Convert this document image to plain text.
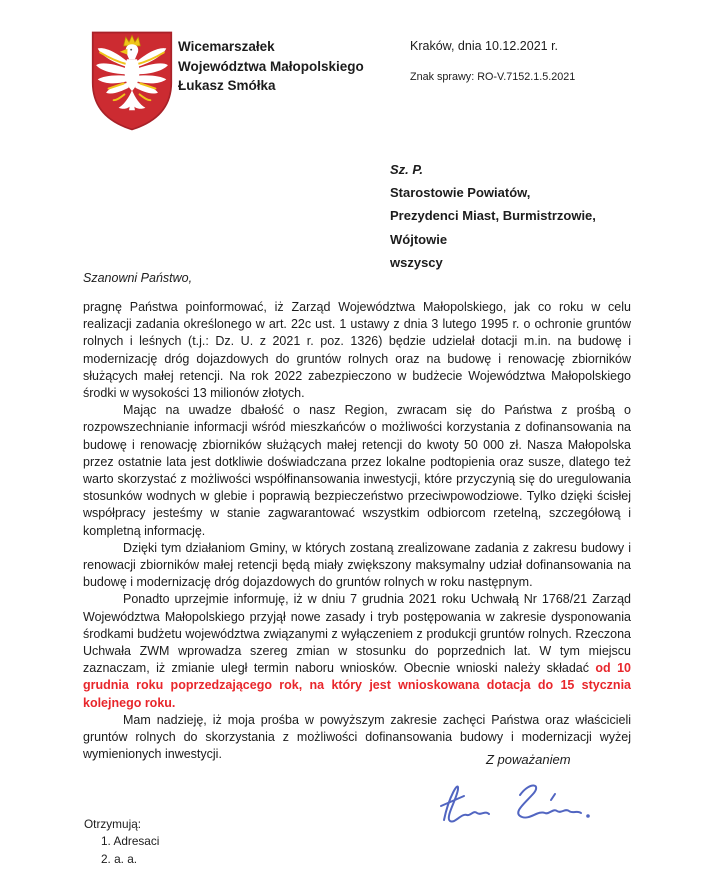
Wicemarszałek
Województwa Małopolskiego
Łukasz Smółka
Kraków, dnia 10.12.2021 r.
Znak sprawy: RO-V.7152.1.5.2021
Sz. P.
Starostowie Powiatów,
Prezydenci Miast, Burmistrzowie,
Wójtowie
wszyscy
Szanowni Państwo,

pragnę Państwa poinformować, iż Zarząd Województwa Małopolskiego, jak co roku w celu realizacji zadania określonego w art. 22c ust. 1 ustawy z dnia 3 lutego 1995 r. o ochronie gruntów rolnych i leśnych (t.j.: Dz. U. z 2021 r. poz. 1326) będzie udzielał dotacji m.in. na budowę i modernizację dróg dojazdowych do gruntów rolnych oraz na budowę i renowację zbiorników służących małej retencji. Na rok 2022 zabezpieczono w budżecie Województwa Małopolskiego środki w wysokości 13 milionów złotych.

Mając na uwadze dbałość o nasz Region, zwracam się do Państwa z prośbą o rozpowszechnianie informacji wśród mieszkańców o możliwości korzystania z dofinansowania na budowę i renowację zbiorników służących małej retencji do kwoty 50 000 zł. Nasza Małopolska przez ostatnie lata jest dotkliwie doświadczana przez lokalne podtopienia oraz susze, dlatego też warto skorzystać z możliwości współfinansowania inwestycji, które przyczynią się do uregulowania stosunków wodnych w glebie i poprawią bezpieczeństwo przeciwpowodziowe. Tylko dzięki ścisłej współpracy jesteśmy w stanie zagwarantować wszystkim odbiorcom rzetelną, szczegółową i kompletną informację.

Dzięki tym działaniom Gminy, w których zostaną zrealizowane zadania z zakresu budowy i renowacji zbiorników małej retencji będą miały zwiększony maksymalny udział dofinansowania na budowę i modernizację dróg dojazdowych do gruntów rolnych w roku następnym.

Ponadto uprzejmie informuję, iż w dniu 7 grudnia 2021 roku Uchwałą Nr 1768/21 Zarząd Województwa Małopolskiego przyjął nowe zasady i tryb postępowania w zakresie dysponowania środkami budżetu województwa związanymi z wyłączeniem z produkcji gruntów rolnych. Rzeczona Uchwała ZWM wprowadza szereg zmian w stosunku do poprzednich lat. W tym miejscu zaznaczam, iż zmianie uległ termin naboru wniosków. Obecnie wnioski należy składać od 10 grudnia roku poprzedzającego rok, na który jest wnioskowana dotacja do 15 stycznia kolejnego roku.

Mam nadzieję, iż moja prośba w powyższym zakresie zachęci Państwa oraz właścicieli gruntów rolnych do skorzystania z możliwości dofinansowania budowy i modernizacji wyżej wymienionych inwestycji.	Z poważaniem
Otrzymują:
1. Adresaci
2. a. a.
